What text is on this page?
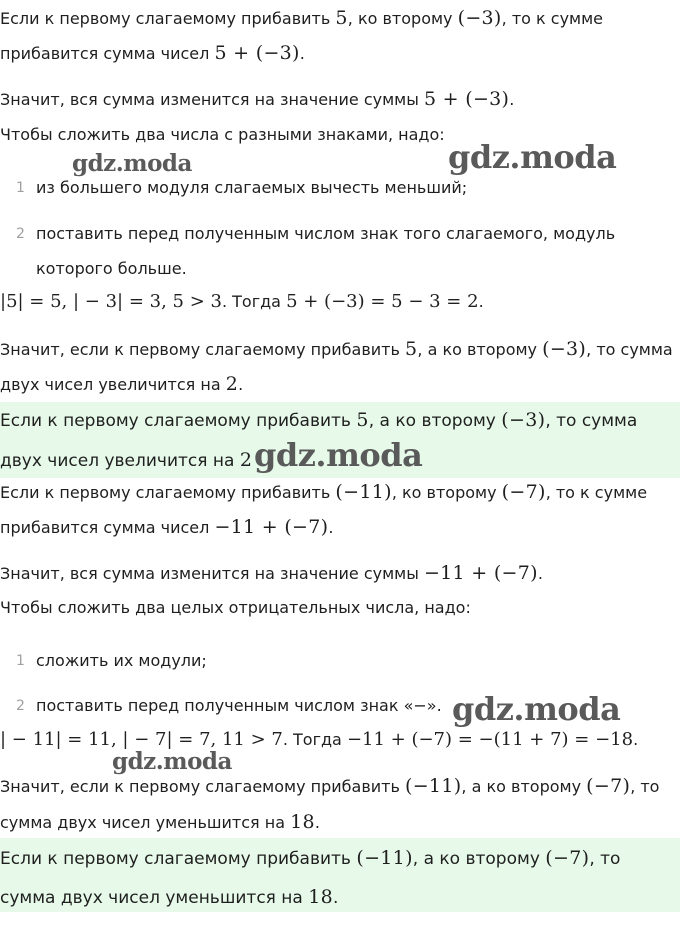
Если к первому слагаемому прибавить 5, ко второму (−3), то к сумме
прибавится сумма чисел 5 + (−3).
Значит, вся сумма изменится на значение суммы 5 + (−3).
Чтобы сложить два числа с разными знаками, надо:
1 из большего модуля слагаемых вычесть меньший;
2 поставить перед полученным числом знак того слагаемого, модуль
которого больше.
|5| = 5, | − 3| = 3, 5 > 3. Тогда 5 + (−3) = 5 − 3 = 2.
Значит, если к первому слагаемому прибавить 5, а ко второму (−3), то сумма
двух чисел увеличится на 2.
Если к первому слагаемому прибавить 5, а ко второму (−3), то сумма
двух чисел увеличится на 2
Если к первому слагаемому прибавить (−11), ко второму (−7), то к сумме
прибавится сумма чисел −11 + (−7).
Значит, вся сумма изменится на значение суммы −11 + (−7).
Чтобы сложить два целых отрицательных числа, надо:
1 сложить их модули;
2 поставить перед полученным числом знак «−».
| − 11| = 11, | − 7| = 7, 11 > 7. Тогда −11 + (−7) = −(11 + 7) = −18.
Значит, если к первому слагаемому прибавить (−11), а ко второму (−7), то
сумма двух чисел уменьшится на 18.
Если к первому слагаемому прибавить (−11), а ко второму (−7), то
сумма двух чисел уменьшится на 18.
gdz.moda	gdz.moda
gdz.moda
gdz.moda
gdz.moda
